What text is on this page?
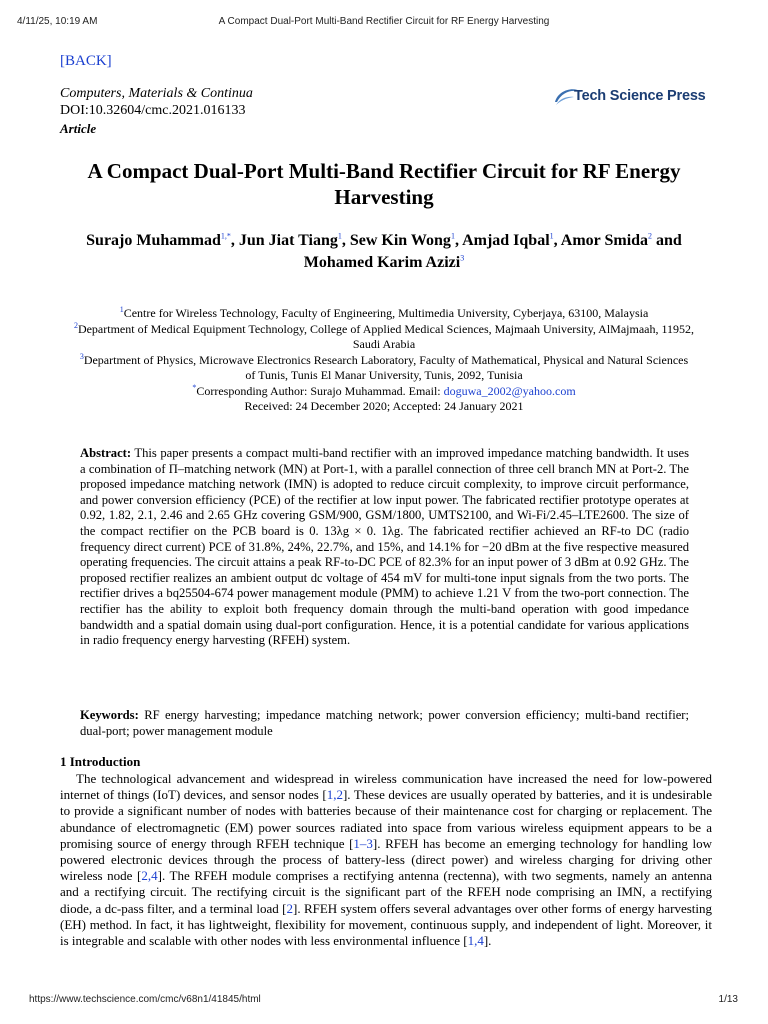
4/11/25, 10:19 AM	A Compact Dual-Port Multi-Band Rectifier Circuit for RF Energy Harvesting
[BACK]
Computers, Materials & Continua
DOI:10.32604/cmc.2021.016133
Article
Tech Science Press
A Compact Dual-Port Multi-Band Rectifier Circuit for RF Energy Harvesting
Surajo Muhammad$^{1,*}$, Jun Jiat Tiang$^1$, Sew Kin Wong$^1$, Amjad Iqbal$^1$, Amor Smida$^2$ and Mohamed Karim Azizi$^3$
$^1$Centre for Wireless Technology, Faculty of Engineering, Multimedia University, Cyberjaya, 63100, Malaysia
$^2$Department of Medical Equipment Technology, College of Applied Medical Sciences, Majmaah University, AlMajmaah, 11952, Saudi Arabia
$^3$Department of Physics, Microwave Electronics Research Laboratory, Faculty of Mathematical, Physical and Natural Sciences of Tunis, Tunis El Manar University, Tunis, 2092, Tunisia
*Corresponding Author: Surajo Muhammad. Email: doguwa_2002@yahoo.com
Received: 24 December 2020; Accepted: 24 January 2021
Abstract: This paper presents a compact multi-band rectifier with an improved impedance matching bandwidth. It uses a combination of Π–matching network (MN) at Port-1, with a parallel connection of three cell branch MN at Port-2. The proposed impedance matching network (IMN) is adopted to reduce circuit complexity, to improve circuit performance, and power conversion efficiency (PCE) of the rectifier at low input power. The fabricated rectifier prototype operates at 0.92, 1.82, 2.1, 2.46 and 2.65 GHz covering GSM/900, GSM/1800, UMTS2100, and Wi-Fi/2.45–LTE2600. The size of the compact rectifier on the PCB board is 0. 13λg × 0. 1λg. The fabricated rectifier achieved an RF-to DC (radio frequency direct current) PCE of 31.8%, 24%, 22.7%, and 15%, and 14.1% for −20 dBm at the five respective measured operating frequencies. The circuit attains a peak RF-to-DC PCE of 82.3% for an input power of 3 dBm at 0.92 GHz. The proposed rectifier realizes an ambient output dc voltage of 454 mV for multi-tone input signals from the two ports. The rectifier drives a bq25504-674 power management module (PMM) to achieve 1.21 V from the two-port connection. The rectifier has the ability to exploit both frequency domain through the multi-band operation with good impedance bandwidth and a spatial domain using dual-port configuration. Hence, it is a potential candidate for various applications in radio frequency energy harvesting (RFEH) system.
Keywords: RF energy harvesting; impedance matching network; power conversion efficiency; multi-band rectifier; dual-port; power management module
1 Introduction
The technological advancement and widespread in wireless communication have increased the need for low-powered internet of things (IoT) devices, and sensor nodes [1,2]. These devices are usually operated by batteries, and it is undesirable to provide a significant number of nodes with batteries because of their maintenance cost for charging or replacement. The abundance of electromagnetic (EM) power sources radiated into space from various wireless equipment appears to be a promising source of energy through RFEH technique [1–3]. RFEH has become an emerging technology for handling low powered electronic devices through the process of battery-less (direct power) and wireless charging for driving other wireless node [2,4]. The RFEH module comprises a rectifying antenna (rectenna), with two segments, namely an antenna and a rectifying circuit. The rectifying circuit is the significant part of the RFEH node comprising an IMN, a rectifying diode, a dc-pass filter, and a terminal load [2]. RFEH system offers several advantages over other forms of energy harvesting (EH) method. In fact, it has lightweight, flexibility for movement, continuous supply, and independent of light. Moreover, it is integrable and scalable with other nodes with less environmental influence [1,4].
https://www.techscience.com/cmc/v68n1/41845/html	1/13
